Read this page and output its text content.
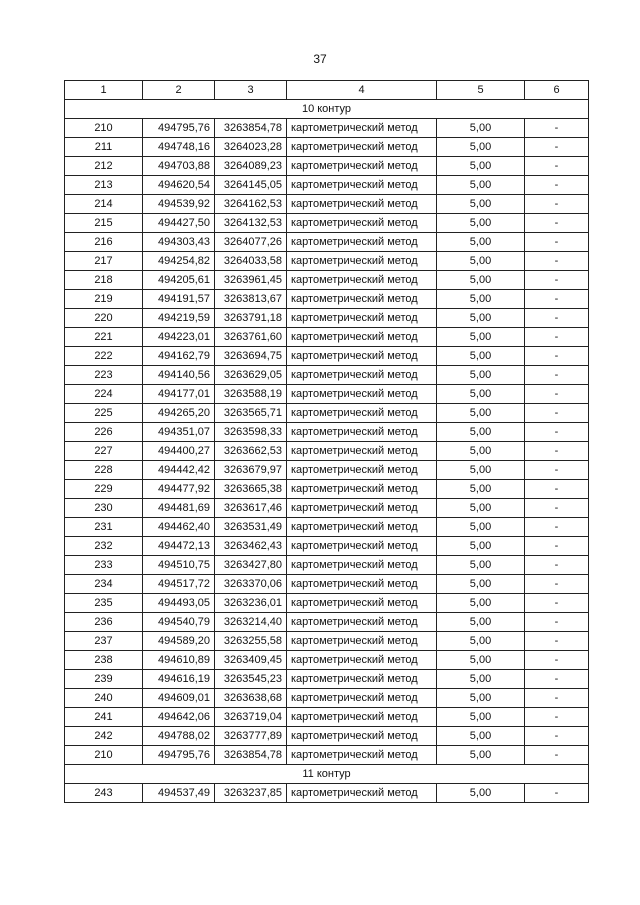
37
1	2	3	4	5	6
10 контур					
210	494795,76	3263854,78	картометрический метод	5,00	-
211	494748,16	3264023,28	картометрический метод	5,00	-
212	494703,88	3264089,23	картометрический метод	5,00	-
213	494620,54	3264145,05	картометрический метод	5,00	-
214	494539,92	3264162,53	картометрический метод	5,00	-
215	494427,50	3264132,53	картометрический метод	5,00	-
216	494303,43	3264077,26	картометрический метод	5,00	-
217	494254,82	3264033,58	картометрический метод	5,00	-
218	494205,61	3263961,45	картометрический метод	5,00	-
219	494191,57	3263813,67	картометрический метод	5,00	-
220	494219,59	3263791,18	картометрический метод	5,00	-
221	494223,01	3263761,60	картометрический метод	5,00	-
222	494162,79	3263694,75	картометрический метод	5,00	-
223	494140,56	3263629,05	картометрический метод	5,00	-
224	494177,01	3263588,19	картометрический метод	5,00	-
225	494265,20	3263565,71	картометрический метод	5,00	-
226	494351,07	3263598,33	картометрический метод	5,00	-
227	494400,27	3263662,53	картометрический метод	5,00	-
228	494442,42	3263679,97	картометрический метод	5,00	-
229	494477,92	3263665,38	картометрический метод	5,00	-
230	494481,69	3263617,46	картометрический метод	5,00	-
231	494462,40	3263531,49	картометрический метод	5,00	-
232	494472,13	3263462,43	картометрический метод	5,00	-
233	494510,75	3263427,80	картометрический метод	5,00	-
234	494517,72	3263370,06	картометрический метод	5,00	-
235	494493,05	3263236,01	картометрический метод	5,00	-
236	494540,79	3263214,40	картометрический метод	5,00	-
237	494589,20	3263255,58	картометрический метод	5,00	-
238	494610,89	3263409,45	картометрический метод	5,00	-
239	494616,19	3263545,23	картометрический метод	5,00	-
240	494609,01	3263638,68	картометрический метод	5,00	-
241	494642,06	3263719,04	картометрический метод	5,00	-
242	494788,02	3263777,89	картометрический метод	5,00	-
210	494795,76	3263854,78	картометрический метод	5,00	-
11 контур					
243	494537,49	3263237,85	картометрический метод	5,00	-
